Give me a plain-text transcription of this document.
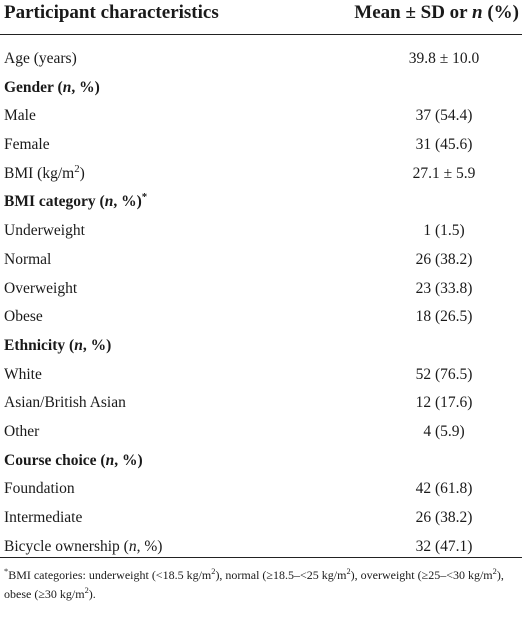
Participant characteristics	Mean ± SD or n (%)
Age (years)	39.8 ± 10.0
Gender (n, %)
Male	37 (54.4)
Female	31 (45.6)
BMI $(kg/m^2)$	27.1 ± 5.9
BMI category (n, %)*
Underweight	1 (1.5)
Normal	26 (38.2)
Overweight	23 (33.8)
Obese	18 (26.5)
Ethnicity (n, %)
White	52 (76.5)
Asian/British Asian	12 (17.6)
Other	4 (5.9)
Course choice (n, %)
Foundation	42 (61.8)
Intermediate	26 (38.2)
Bicycle ownership (n, %)	32 (47.1)
*BMI categories: underweight (<18.5 $kg/m^2$), normal (≥18.5–<25 $kg/m^2$), overweight (≥25–<30 $kg/m^2$), obese (≥30 $kg/m^2$).
